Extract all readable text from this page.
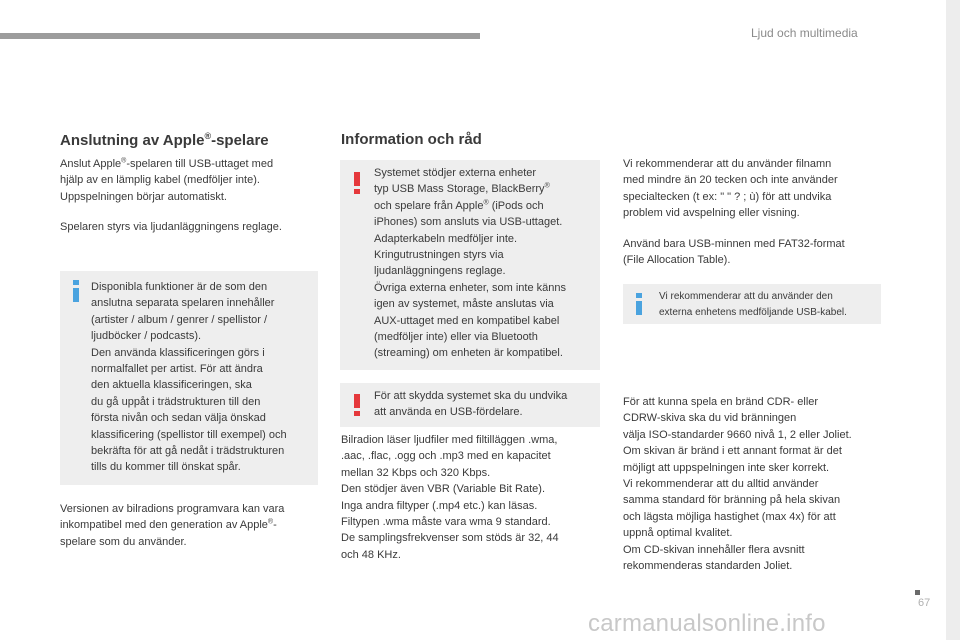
Ljud och multimedia
Anslutning av Apple®-spelare

Anslut Apple®-spelaren till USB-uttaget med
hjälp av en lämplig kabel (medföljer inte).
Uppspelningen börjar automatiskt.

Spelaren styrs via ljudanläggningens reglage.

Disponibla funktioner är de som den
anslutna separata spelaren innehåller
(artister / album / genrer / spellistor /
ljudböcker / podcasts).
Den använda klassificeringen görs i
normalfallet per artist. För att ändra
den aktuella klassificeringen, ska
du gå uppåt i trädstrukturen till den
första nivån och sedan välja önskad
klassificering (spellistor till exempel) och
bekräfta för att gå nedåt i trädstrukturen
tills du kommer till önskat spår.

Versionen av bilradions programvara kan vara
inkompatibel med den generation av Apple®-
spelare som du använder.

Information och råd

Systemet stödjer externa enheter
typ USB Mass Storage, BlackBerry®
och spelare från Apple® (iPods och
iPhones) som ansluts via USB-uttaget.
Adapterkabeln medföljer inte.
Kringutrustningen styrs via
ljudanläggningens reglage.
Övriga externa enheter, som inte känns
igen av systemet, måste anslutas via
AUX-uttaget med en kompatibel kabel
(medföljer inte) eller via Bluetooth
(streaming) om enheten är kompatibel.

För att skydda systemet ska du undvika
att använda en USB-fördelare.

Bilradion läser ljudfiler med filtilläggen .wma,
.aac, .flac, .ogg och .mp3 med en kapacitet
mellan 32 Kbps och 320 Kbps.
Den stödjer även VBR (Variable Bit Rate).
Inga andra filtyper (.mp4 etc.) kan läsas.
Filtypen .wma måste vara wma 9 standard.
De samplingsfrekvenser som stöds är 32, 44
och 48 KHz.

Vi rekommenderar att du använder filnamn
med mindre än 20 tecken och inte använder
specialtecken (t ex: " " ? ; ù) för att undvika
problem vid avspelning eller visning.

Använd bara USB-minnen med FAT32-format
(File Allocation Table).

Vi rekommenderar att du använder den
externa enhetens medföljande USB-kabel.

För att kunna spela en bränd CDR- eller
CDRW-skiva ska du vid bränningen
välja ISO-standarder 9660 nivå 1, 2 eller Joliet.
Om skivan är bränd i ett annant format är det
möjligt att uppspelningen inte sker korrekt.
Vi rekommenderar att du alltid använder
samma standard för bränning på hela skivan
och lägsta möjliga hastighet (max 4x) för att
uppnå optimal kvalitet.
Om CD-skivan innehåller flera avsnitt
rekommenderas standarden Joliet.

67
carmanualsonline.info
